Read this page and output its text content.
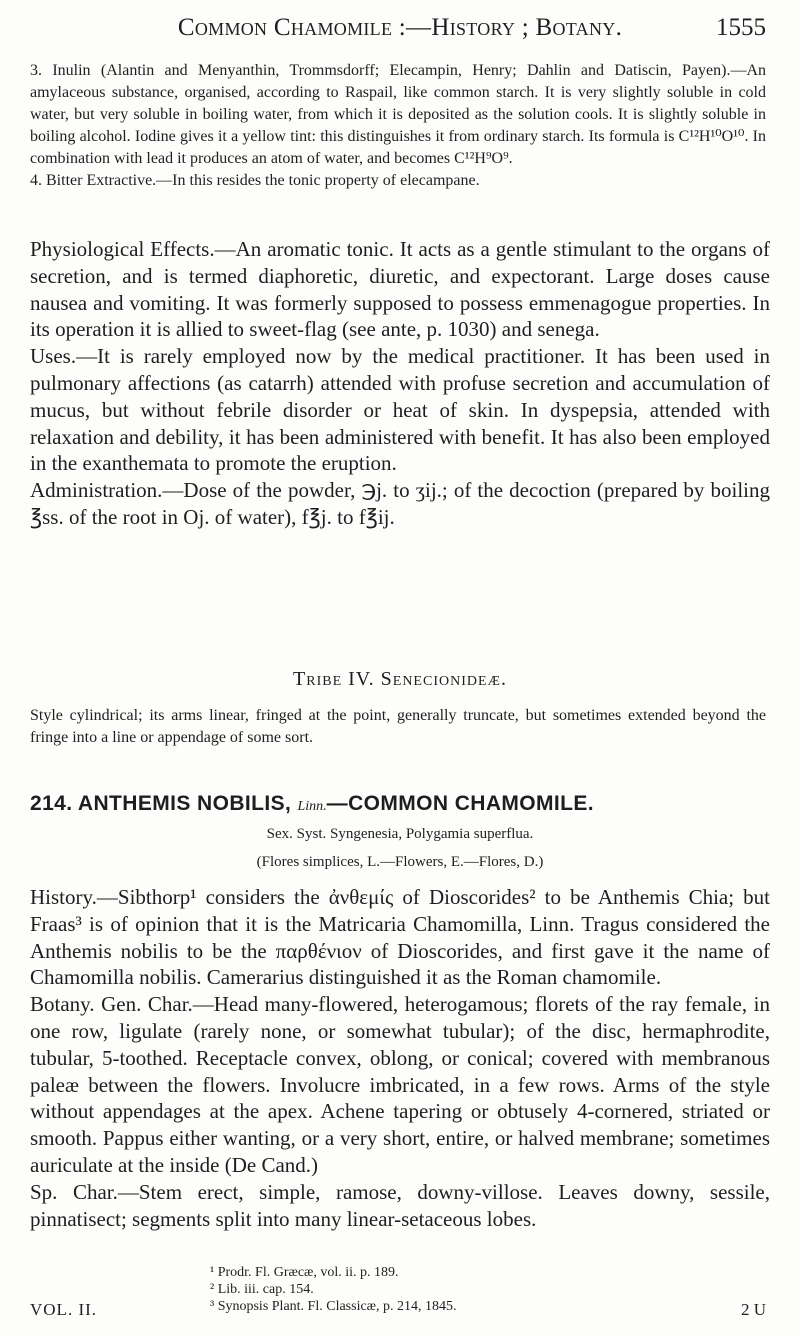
Common Chamomile :—History ; Botany.	1555

3. Inulin (Alantin and Menyanthin, Trommsdorff; Elecampin, Henry; Dahlin and Datiscin, Payen).—An amylaceous substance, organised, according to Raspail, like common starch. It is very slightly soluble in cold water, but very soluble in boiling water, from which it is deposited as the solution cools. It is slightly soluble in boiling alcohol. Iodine gives it a yellow tint: this distinguishes it from ordinary starch. Its formula is C¹²H¹⁰O¹⁰. In combination with lead it produces an atom of water, and becomes C¹²H⁹O⁹.

4. Bitter Extractive.—In this resides the tonic property of elecampane.

Physiological Effects.—An aromatic tonic. It acts as a gentle stimulant to the organs of secretion, and is termed diaphoretic, diuretic, and expectorant. Large doses cause nausea and vomiting. It was formerly supposed to possess emmenagogue properties. In its operation it is allied to sweet-flag (see ante, p. 1030) and senega.

Uses.—It is rarely employed now by the medical practitioner. It has been used in pulmonary affections (as catarrh) attended with profuse secretion and accumulation of mucus, but without febrile disorder or heat of skin. In dyspepsia, attended with relaxation and debility, it has been administered with benefit. It has also been employed in the exanthemata to promote the eruption.

Administration.—Dose of the powder, ℈j. to ʒij.; of the decoction (prepared by boiling ℥ss. of the root in Oj. of water), f℥j. to f℥ij.

Tribe IV. Senecionideæ.
Style cylindrical; its arms linear, fringed at the point, generally truncate, but sometimes extended beyond the fringe into a line or appendage of some sort.
214. ANTHEMIS NOBILIS, Linn.—COMMON CHAMOMILE.
Sex. Syst. Syngenesia, Polygamia superflua.
(Flores simplices, L.—Flowers, E.—Flores, D.)

History.—Sibthorp¹ considers the ἀνθεμίς of Dioscorides² to be Anthemis Chia; but Fraas³ is of opinion that it is the Matricaria Chamomilla, Linn. Tragus considered the Anthemis nobilis to be the παρθένιον of Dioscorides, and first gave it the name of Chamomilla nobilis. Camerarius distinguished it as the Roman chamomile.

Botany. Gen. Char.—Head many-flowered, heterogamous; florets of the ray female, in one row, ligulate (rarely none, or somewhat tubular); of the disc, hermaphrodite, tubular, 5-toothed. Receptacle convex, oblong, or conical; covered with membranous paleæ between the flowers. Involucre imbricated, in a few rows. Arms of the style without appendages at the apex. Achene tapering or obtusely 4-cornered, striated or smooth. Pappus either wanting, or a very short, entire, or halved membrane; sometimes auriculate at the inside (De Cand.)

Sp. Char.—Stem erect, simple, ramose, downy-villose. Leaves downy, sessile, pinnatisect; segments split into many linear-setaceous lobes.

¹ Prodr. Fl. Græcæ, vol. ii. p. 189.

² Lib. iii. cap. 154.

³ Synopsis Plant. Fl. Classicæ, p. 214, 1845.

VOL. II.	2 U
